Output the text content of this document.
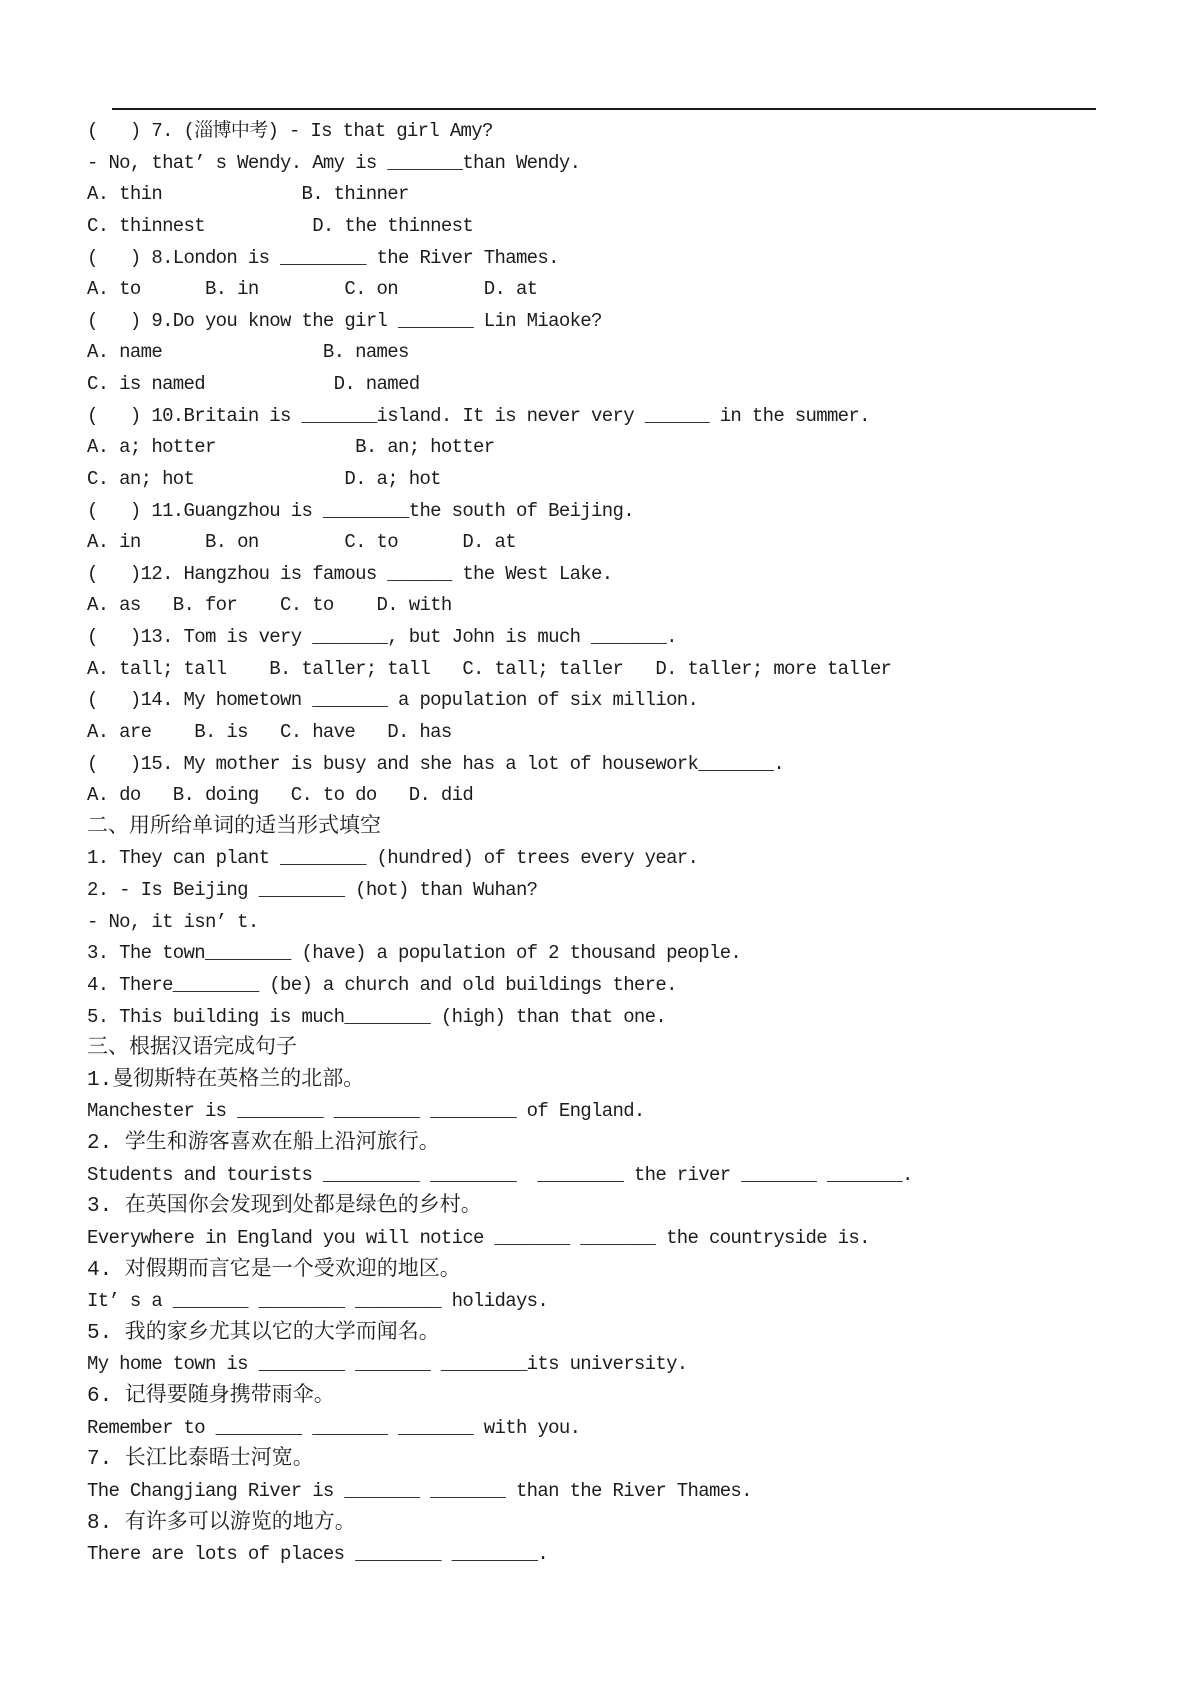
(   ) 7. (淄博中考) - Is that girl Amy?
- No, that’ s Wendy. Amy is _______than Wendy.

A. thin

	B. thinner

C. thinnest

	D. the thinnest

(   ) 8.London is ________ the River Thames.

A. to

	B. in

	C. on

	D. at

(   ) 9.Do you know the girl _______ Lin Miaoke?

A. name

	B. names

C. is named

	D. named

(   ) 10.Britain is _______island. It is never very ______ in the summer.

A. a; hotter

	B. an; hotter

C. an; hot

	D. a; hot

(   ) 11.Guangzhou is ________the south of Beijing.

A. in

	B. on

	C. to

	D. at

(   )12. Hangzhou is famous ______ the West Lake.

A. as

B. for

C. to

D. with

(   )13. Tom is very _______, but John is much _______.

A. tall; tall

B. taller; tall

C. tall; taller

D. taller; more taller

(   )14. My hometown _______ a population of six million.

A. are

B. is

C. have

D. has

(   )15. My mother is busy and she has a lot of housework_______.

A. do

B. doing

C. to do

D. did

二、用所给单词的适当形式填空
1. They can plant ________ (hundred) of trees every year.
2. - Is Beijing ________ (hot) than Wuhan?
- No, it isn’ t.
3. The town________ (have) a population of 2 thousand people.
4. There________ (be) a church and old buildings there.
5. This building is much________ (high) than that one.
三、根据汉语完成句子
1.曼彻斯特在英格兰的北部。
Manchester is ________ ________ ________ of England.
2. 学生和游客喜欢在船上沿河旅行。
Students and tourists _________ ________  ________ the river _______ _______.
3. 在英国你会发现到处都是绿色的乡村。
Everywhere in England you will notice _______ _______ the countryside is.
4. 对假期而言它是一个受欢迎的地区。
It’ s a _______ ________ ________ holidays.
5. 我的家乡尤其以它的大学而闻名。
My home town is ________ _______ ________its university.
6. 记得要随身携带雨伞。
Remember to ________ _______ _______ with you.
7. 长江比泰晤士河宽。
The Changjiang River is _______ _______ than the River Thames.
8. 有许多可以游览的地方。
There are lots of places ________ ________.
